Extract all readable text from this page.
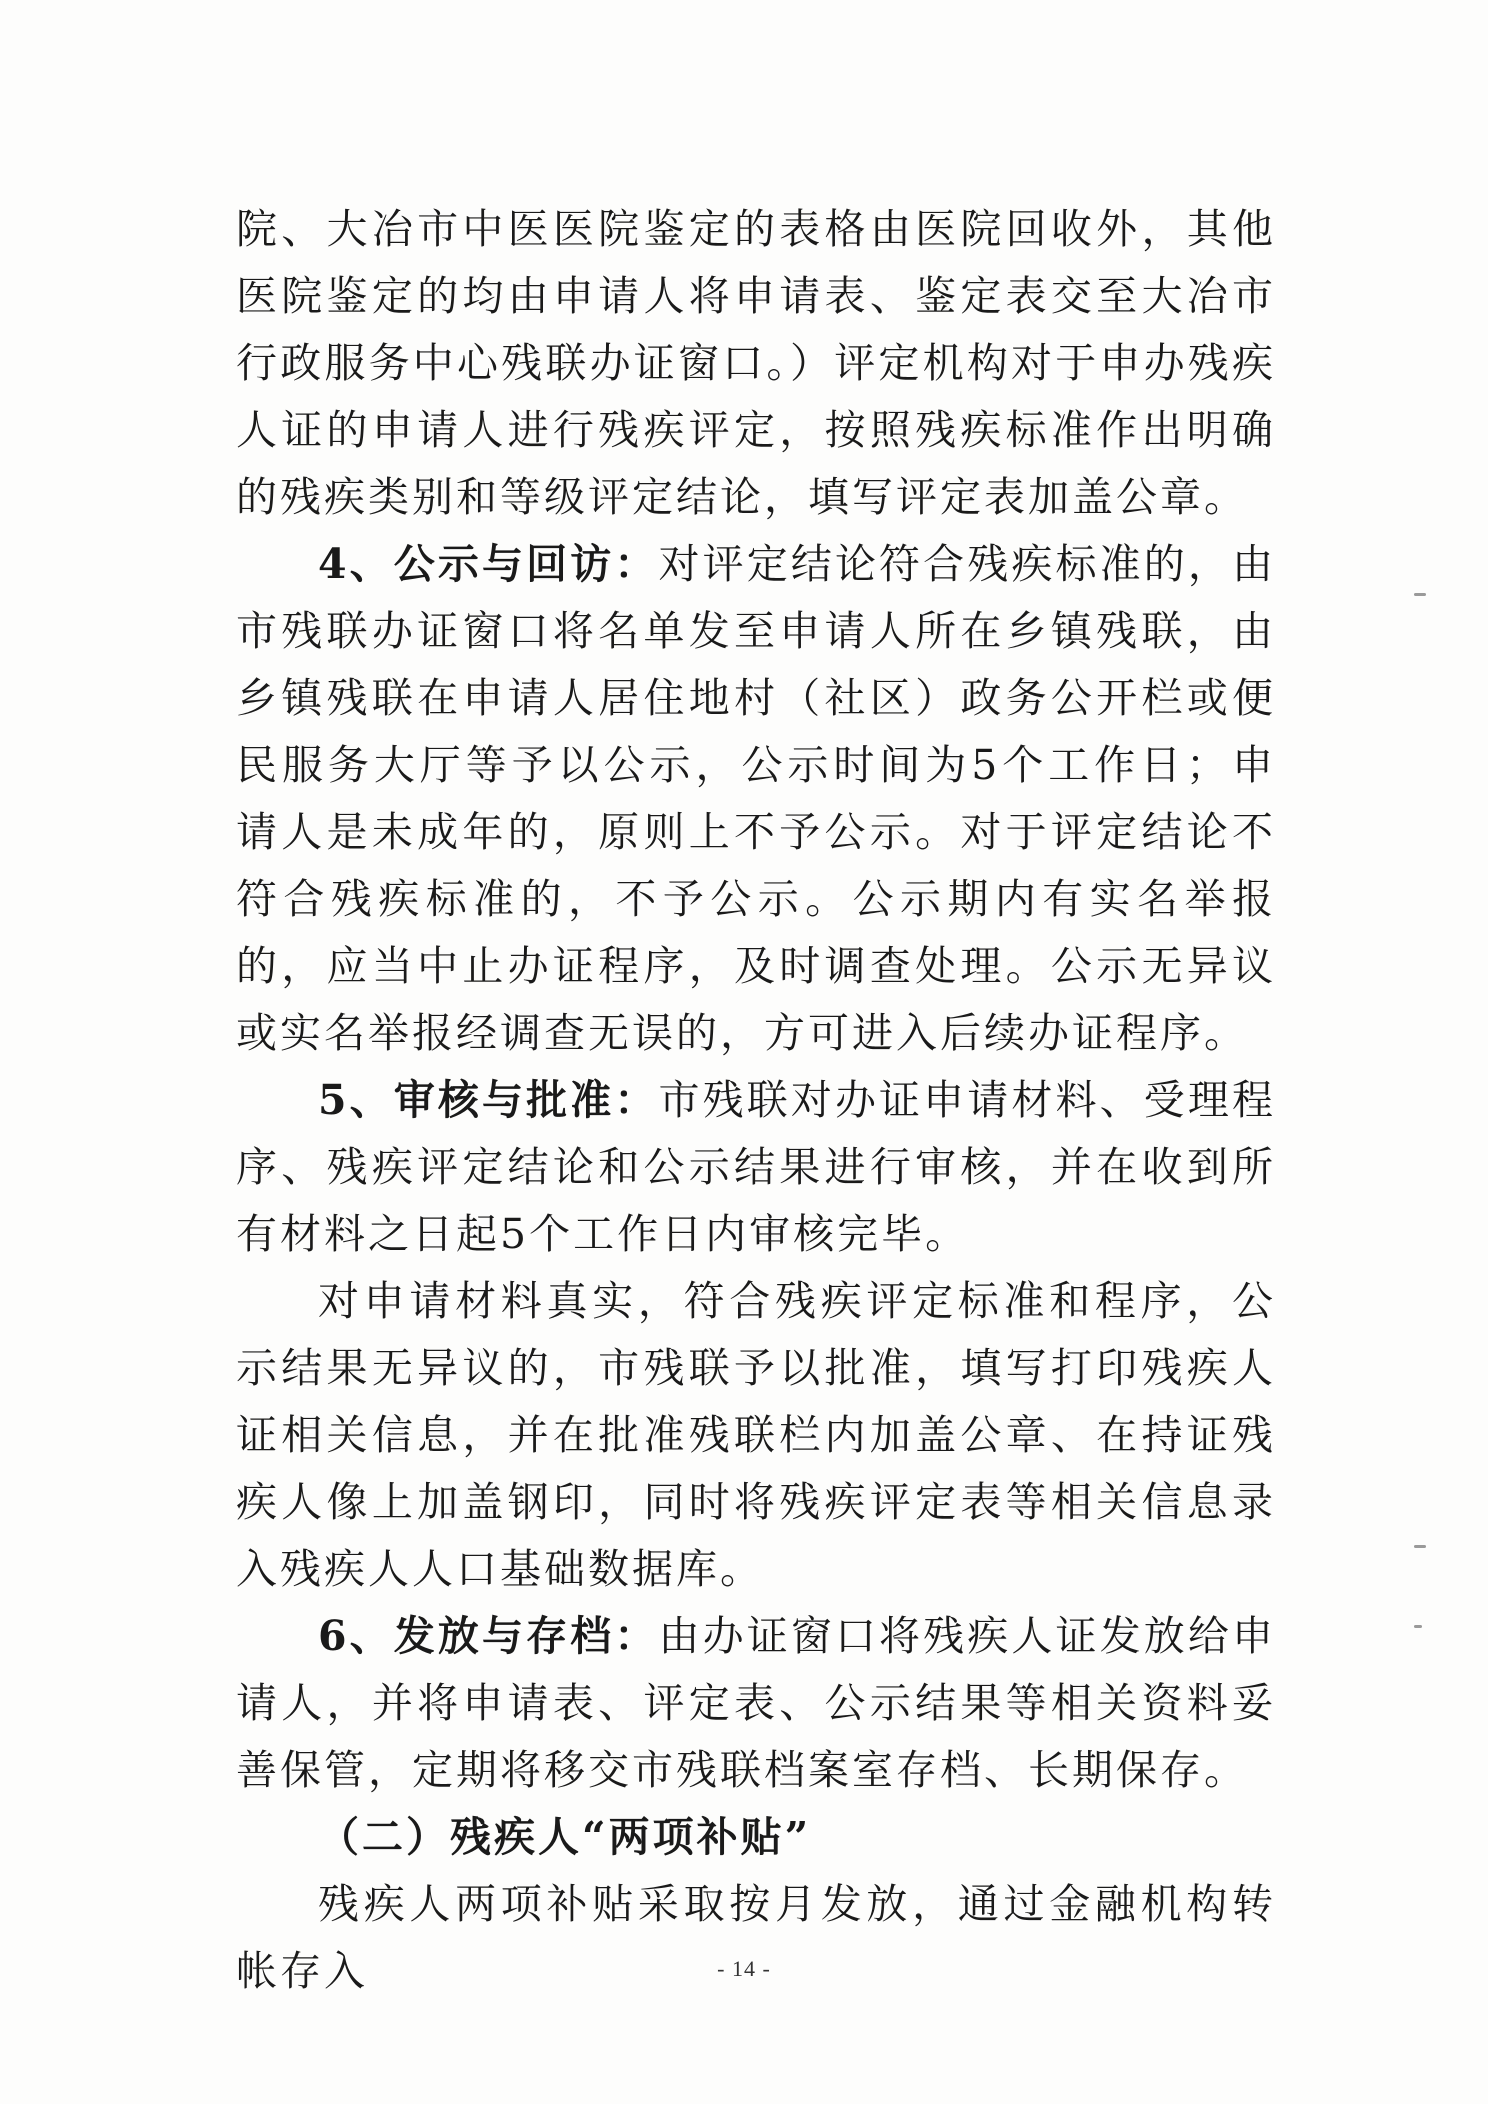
院、大冶市中医医院鉴定的表格由医院回收外，其他医院鉴定的均由申请人将申请表、鉴定表交至大冶市行政服务中心残联办证窗口。）评定机构对于申办残疾人证的申请人进行残疾评定，按照残疾标准作出明确的残疾类别和等级评定结论，填写评定表加盖公章。

4、公示与回访：对评定结论符合残疾标准的，由市残联办证窗口将名单发至申请人所在乡镇残联，由乡镇残联在申请人居住地村（社区）政务公开栏或便民服务大厅等予以公示，公示时间为5个工作日；申请人是未成年的，原则上不予公示。对于评定结论不符合残疾标准的，不予公示。公示期内有实名举报的，应当中止办证程序，及时调查处理。公示无异议或实名举报经调查无误的，方可进入后续办证程序。

5、审核与批准：市残联对办证申请材料、受理程序、残疾评定结论和公示结果进行审核，并在收到所有材料之日起5个工作日内审核完毕。

对申请材料真实，符合残疾评定标准和程序，公示结果无异议的，市残联予以批准，填写打印残疾人证相关信息，并在批准残联栏内加盖公章、在持证残疾人像上加盖钢印，同时将残疾评定表等相关信息录入残疾人人口基础数据库。

6、发放与存档：由办证窗口将残疾人证发放给申请人，并将申请表、评定表、公示结果等相关资料妥善保管，定期将移交市残联档案室存档、长期保存。

（二）残疾人“两项补贴”

残疾人两项补贴采取按月发放，通过金融机构转帐存入	- 14 -
